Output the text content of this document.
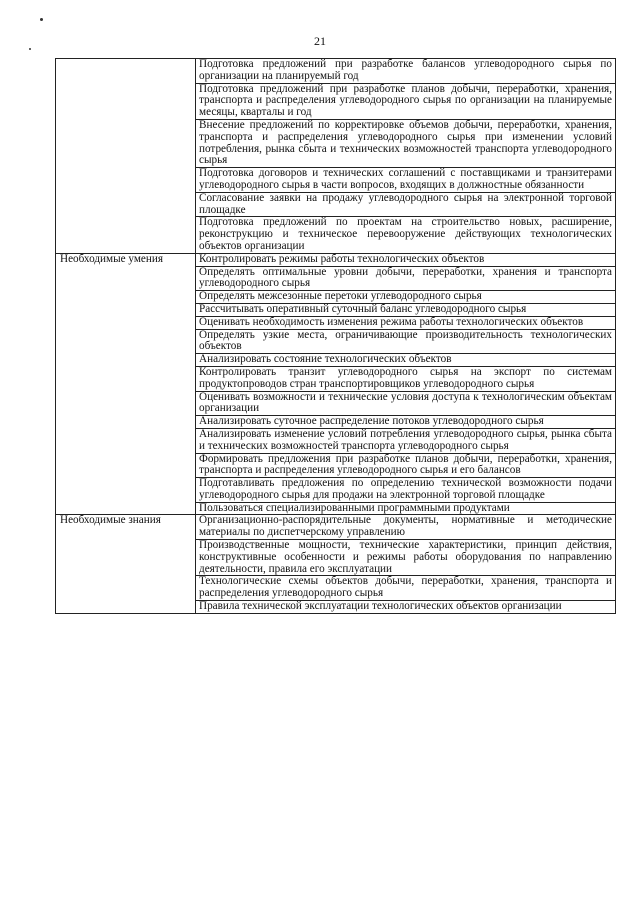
21
	Подготовка предложений при разработке балансов углеводородного сырья по организации на планируемый год
	Подготовка предложений при разработке планов добычи, переработки, хранения, транспорта и распределения углеводородного сырья по организации на планируемые месяцы, кварталы и год
	Внесение предложений по корректировке объемов добычи, переработки, хранения, транспорта и распределения углеводородного сырья при изменении условий потребления, рынка сбыта и технических возможностей транспорта углеводородного сырья
	Подготовка договоров и технических соглашений с поставщиками и транзитерами углеводородного сырья в части вопросов, входящих в должностные обязанности
	Согласование заявки на продажу углеводородного сырья на электронной торговой площадке
	Подготовка предложений по проектам на строительство новых, расширение, реконструкцию и техническое перевооружение действующих технологических объектов организации
Необходимые умения	Контролировать режимы работы технологических объектов
	Определять оптимальные уровни добычи, переработки, хранения и транспорта углеводородного сырья
	Определять межсезонные перетоки углеводородного сырья
	Рассчитывать оперативный суточный баланс углеводородного сырья
	Оценивать необходимость изменения режима работы технологических объектов
	Определять узкие места, ограничивающие производительность технологических объектов
	Анализировать состояние технологических объектов
	Контролировать транзит углеводородного сырья на экспорт по системам продуктопроводов стран транспортировщиков углеводородного сырья
	Оценивать возможности и технические условия доступа к технологическим объектам организации
	Анализировать суточное распределение потоков углеводородного сырья
	Анализировать изменение условий потребления углеводородного сырья, рынка сбыта и технических возможностей транспорта углеводородного сырья
	Формировать предложения при разработке планов добычи, переработки, хранения, транспорта и распределения углеводородного сырья и его балансов
	Подготавливать предложения по определению технической возможности подачи углеводородного сырья для продажи на электронной торговой площадке
	Пользоваться специализированными программными продуктами
Необходимые знания	Организационно-распорядительные документы, нормативные и методические материалы по диспетчерскому управлению
	Производственные мощности, технические характеристики, принцип действия, конструктивные особенности и режимы работы оборудования по направлению деятельности, правила его эксплуатации
	Технологические схемы объектов добычи, переработки, хранения, транспорта и распределения углеводородного сырья
	Правила технической эксплуатации технологических объектов организации
